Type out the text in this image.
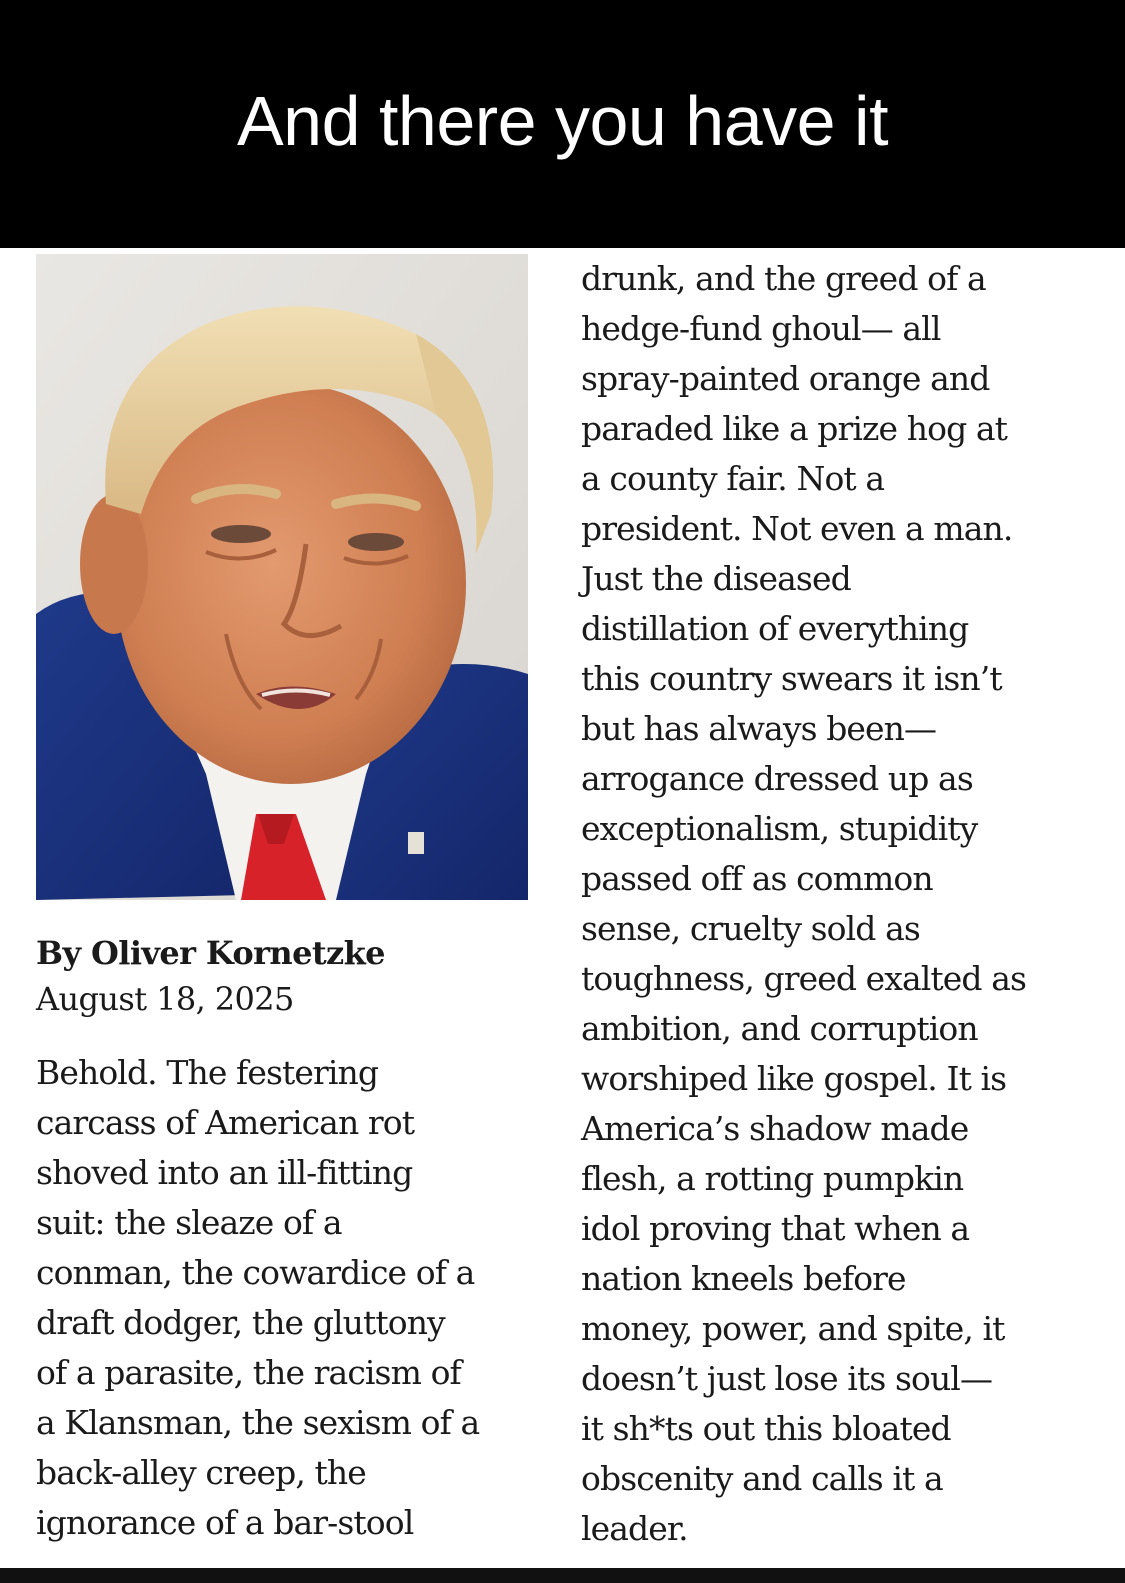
And there you have it
By Oliver Kornetzke
August 18, 2025
Behold. The festering
carcass of American rot
shoved into an ill-fitting
suit: the sleaze of a
conman, the cowardice of a
draft dodger, the gluttony
of a parasite, the racism of
a Klansman, the sexism of a
back-alley creep, the
ignorance of a bar-stool
drunk, and the greed of a
hedge-fund ghoul— all
spray-painted orange and
paraded like a prize hog at
a county fair. Not a
president. Not even a man.
Just the diseased
distillation of everything
this country swears it isn’t
but has always been—
arrogance dressed up as
exceptionalism, stupidity
passed off as common
sense, cruelty sold as
toughness, greed exalted as
ambition, and corruption
worshiped like gospel. It is
America’s shadow made
flesh, a rotting pumpkin
idol proving that when a
nation kneels before
money, power, and spite, it
doesn’t just lose its soul—
it sh*ts out this bloated
obscenity and calls it a
leader.
